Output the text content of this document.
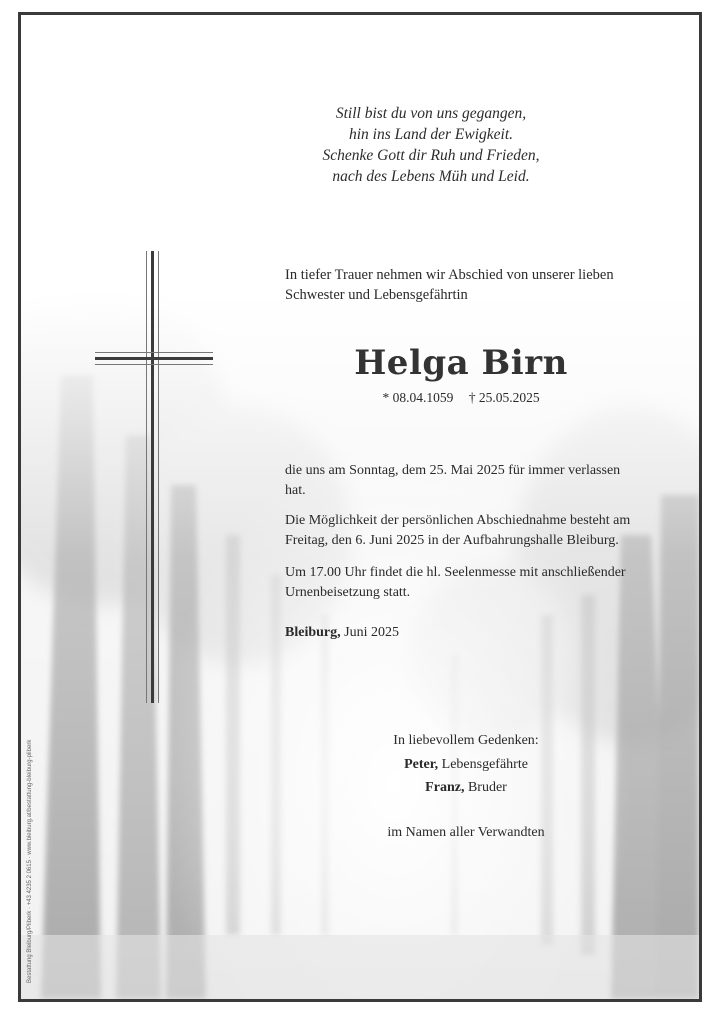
Still bist du von uns gegangen,
hin ins Land der Ewigkeit.
Schenke Gott dir Ruh und Frieden,
nach des Lebens Müh und Leid.
In tiefer Trauer nehmen wir Abschied von unserer lieben
Schwester und Lebensgefährtin
Helga Birn
* 08.04.1059 † 25.05.2025
die uns am Sonntag, dem 25. Mai 2025 für immer verlassen
hat.
Die Möglichkeit der persönlichen Abschiednahme besteht am
Freitag, den 6. Juni 2025 in der Aufbahrungshalle Bleiburg.
Um 17.00 Uhr findet die hl. Seelenmesse mit anschließender
Urnenbeisetzung statt.
Bleiburg, Juni 2025
In liebevollem Gedenken:
Peter, Lebensgefährte
Franz, Bruder
im Namen aller Verwandten
Bestattung Bleiburg/Pliberk · +43 4235 2 0615 · www.bleiburg.at/bestattung-bleiburg-pliberk
